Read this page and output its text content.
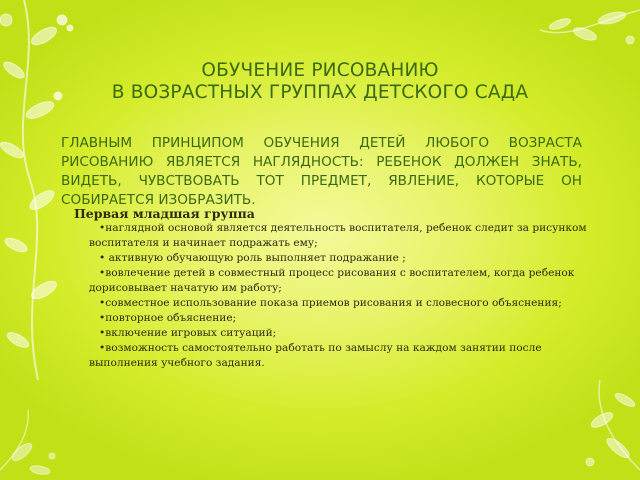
ОБУЧЕНИЕ РИСОВАНИЮ
В ВОЗРАСТНЫХ ГРУППАХ ДЕТСКОГО САДА
ГЛАВНЫМ ПРИНЦИПОМ ОБУЧЕНИЯ ДЕТЕЙ ЛЮБОГО ВОЗРАСТА РИСОВАНИЮ ЯВЛЯЕТСЯ НАГЛЯДНОСТЬ: РЕБЕНОК ДОЛЖЕН ЗНАТЬ, ВИДЕТЬ, ЧУВСТВОВАТЬ ТОТ ПРЕДМЕТ, ЯВЛЕНИЕ, КОТОРЫЕ ОН СОБИРАЕТСЯ ИЗОБРАЗИТЬ.
Первая младшая группа
•наглядной основой является деятельность воспитателя, ребенок следит за рисунком воспитателя и начинает подражать ему;
• активную обучающую роль выполняет подражание ;
•вовлечение детей в совместный процесс рисования с воспитателем, когда ребенок дорисовывает начатую им работу;
•совместное использование показа приемов рисования и словесного объяснения;
•повторное объяснение;
•включение игровых ситуаций;
•возможность самостоятельно работать по замыслу на каждом занятии после выполнения учебного задания.
